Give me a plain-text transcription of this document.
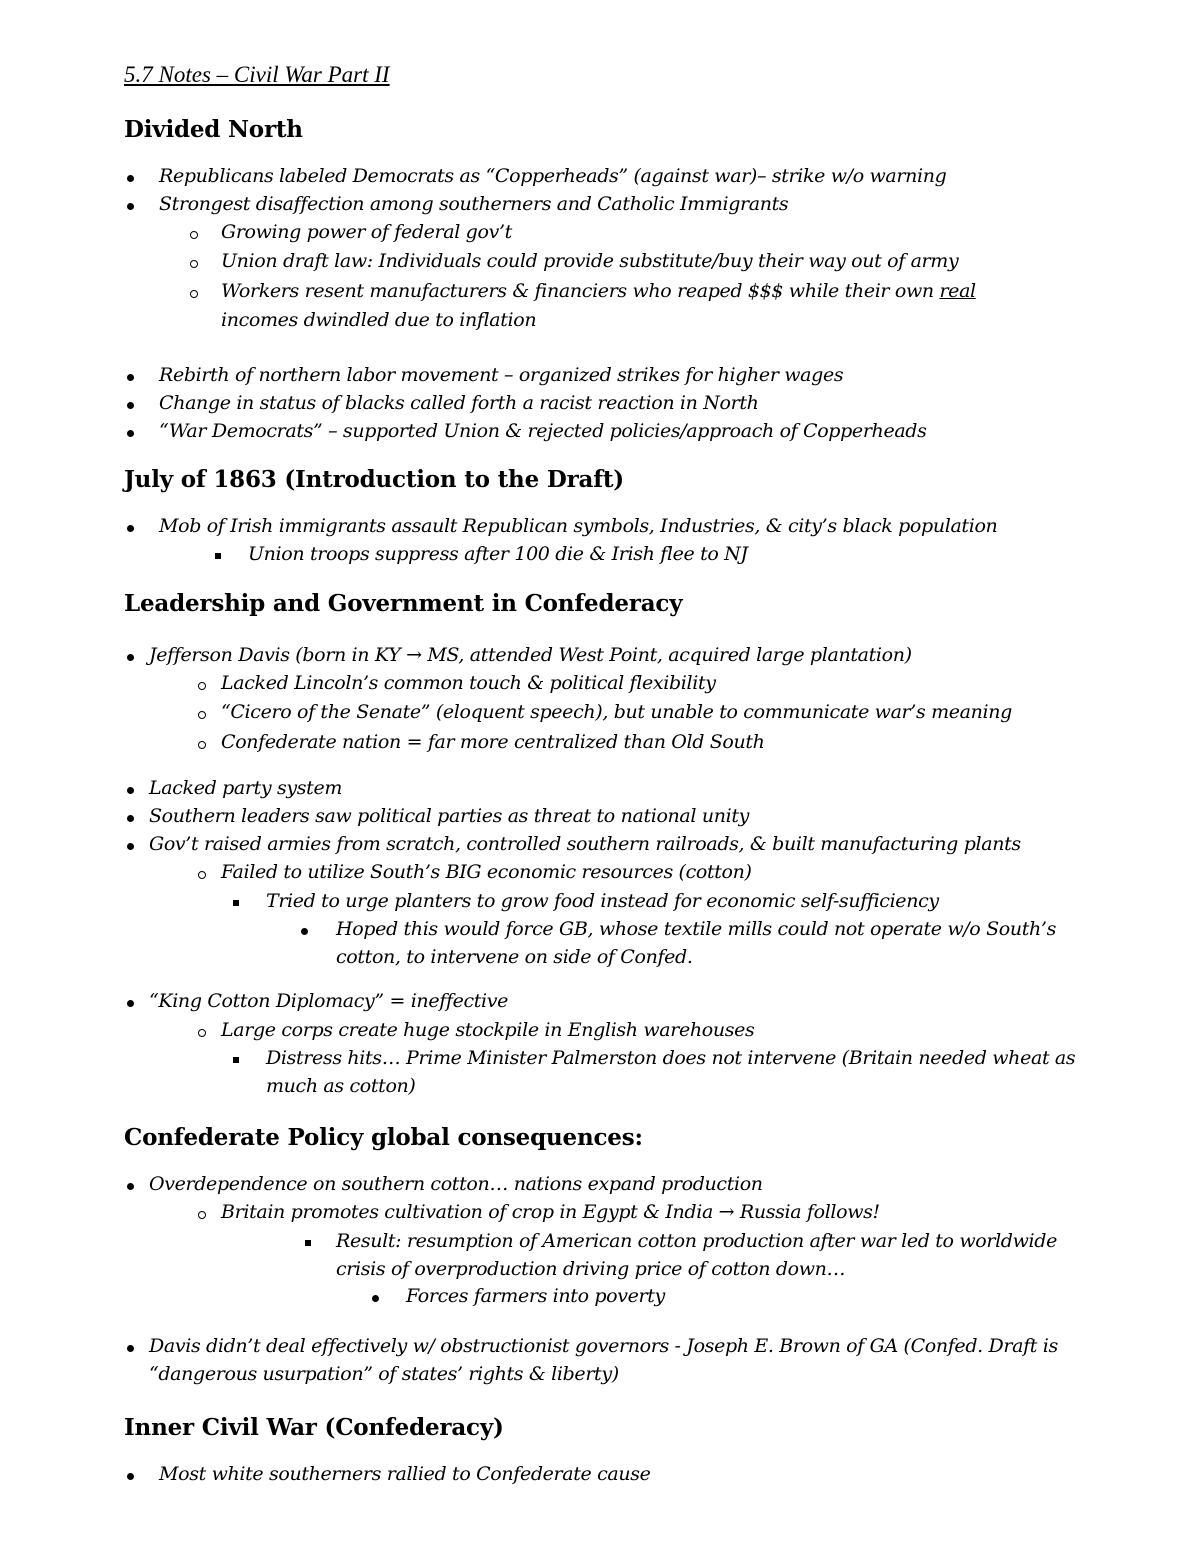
5.7 Notes – Civil War Part II
Divided North
Republicans labeled Democrats as “Copperheads” (against war)– strike w/o warning
Strongest disaffection among southerners and Catholic Immigrants
Growing power of federal gov’t
Union draft law: Individuals could provide substitute/buy their way out of army
Workers resent manufacturers & financiers who reaped $$$ while their own real
incomes dwindled due to inflation
Rebirth of northern labor movement – organized strikes for higher wages
Change in status of blacks called forth a racist reaction in North
“War Democrats” – supported Union & rejected policies/approach of Copperheads
July of 1863 (Introduction to the Draft)
Mob of Irish immigrants assault Republican symbols, Industries, & city’s black population
Union troops suppress after 100 die & Irish flee to NJ
Leadership and Government in Confederacy
Jefferson Davis (born in KY → MS, attended West Point, acquired large plantation)
Lacked Lincoln’s common touch & political flexibility
“Cicero of the Senate” (eloquent speech), but unable to communicate war’s meaning
Confederate nation = far more centralized than Old South
Lacked party system
Southern leaders saw political parties as threat to national unity
Gov’t raised armies from scratch, controlled southern railroads, & built manufacturing plants
Failed to utilize South’s BIG economic resources (cotton)
Tried to urge planters to grow food instead for economic self-sufficiency
Hoped this would force GB, whose textile mills could not operate w/o South’s
cotton, to intervene on side of Confed.
“King Cotton Diplomacy” = ineffective
Large corps create huge stockpile in English warehouses
Distress hits… Prime Minister Palmerston does not intervene (Britain needed wheat as
much as cotton)
Confederate Policy global consequences:
Overdependence on southern cotton… nations expand production
Britain promotes cultivation of crop in Egypt & India → Russia follows!
Result: resumption of American cotton production after war led to worldwide
crisis of overproduction driving price of cotton down…
Forces farmers into poverty
Davis didn’t deal effectively w/ obstructionist governors - Joseph E. Brown of GA (Confed. Draft is
“dangerous usurpation” of states’ rights & liberty)
Inner Civil War (Confederacy)
Most white southerners rallied to Confederate cause
